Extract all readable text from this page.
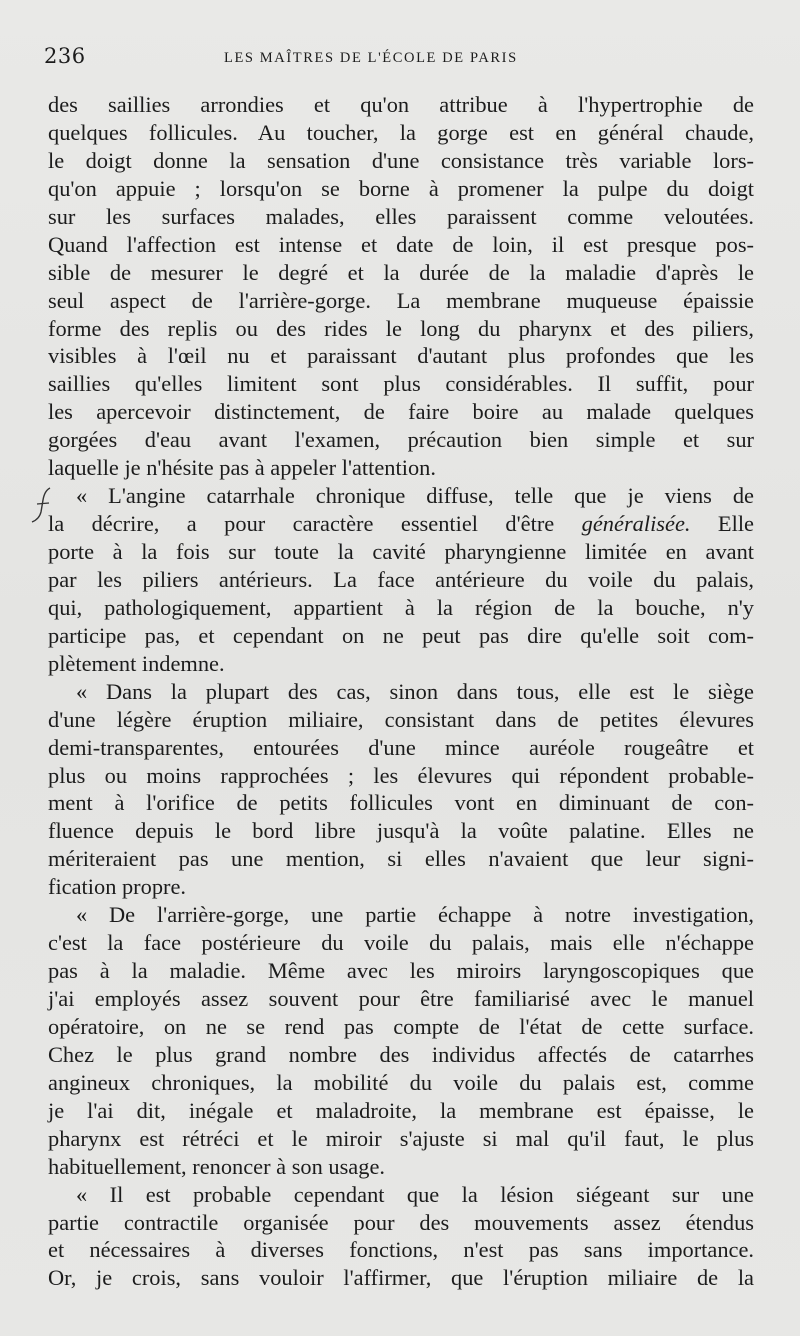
236	LES MAÎTRES DE L'ÉCOLE DE PARIS
des saillies arrondies et qu'on attribue à l'hypertrophie de
quelques follicules. Au toucher, la gorge est en général chaude,
le doigt donne la sensation d'une consistance très variable lors-
qu'on appuie ; lorsqu'on se borne à promener la pulpe du doigt
sur les surfaces malades, elles paraissent comme veloutées.
Quand l'affection est intense et date de loin, il est presque pos-
sible de mesurer le degré et la durée de la maladie d'après le
seul aspect de l'arrière-gorge. La membrane muqueuse épaissie
forme des replis ou des rides le long du pharynx et des piliers,
visibles à l'œil nu et paraissant d'autant plus profondes que les
saillies qu'elles limitent sont plus considérables. Il suffit, pour
les apercevoir distinctement, de faire boire au malade quelques
gorgées d'eau avant l'examen, précaution bien simple et sur
laquelle je n'hésite pas à appeler l'attention.
« L'angine catarrhale chronique diffuse, telle que je viens de
la décrire, a pour caractère essentiel d'être généralisée. Elle
porte à la fois sur toute la cavité pharyngienne limitée en avant
par les piliers antérieurs. La face antérieure du voile du palais,
qui, pathologiquement, appartient à la région de la bouche, n'y
participe pas, et cependant on ne peut pas dire qu'elle soit com-
plètement indemne.
« Dans la plupart des cas, sinon dans tous, elle est le siège
d'une légère éruption miliaire, consistant dans de petites élevures
demi-transparentes, entourées d'une mince auréole rougeâtre et
plus ou moins rapprochées ; les élevures qui répondent probable-
ment à l'orifice de petits follicules vont en diminuant de con-
fluence depuis le bord libre jusqu'à la voûte palatine. Elles ne
mériteraient pas une mention, si elles n'avaient que leur signi-
fication propre.
« De l'arrière-gorge, une partie échappe à notre investigation,
c'est la face postérieure du voile du palais, mais elle n'échappe
pas à la maladie. Même avec les miroirs laryngoscopiques que
j'ai employés assez souvent pour être familiarisé avec le manuel
opératoire, on ne se rend pas compte de l'état de cette surface.
Chez le plus grand nombre des individus affectés de catarrhes
angineux chroniques, la mobilité du voile du palais est, comme
je l'ai dit, inégale et maladroite, la membrane est épaisse, le
pharynx est rétréci et le miroir s'ajuste si mal qu'il faut, le plus
habituellement, renoncer à son usage.
« Il est probable cependant que la lésion siégeant sur une
partie contractile organisée pour des mouvements assez étendus
et nécessaires à diverses fonctions, n'est pas sans importance.
Or, je crois, sans vouloir l'affirmer, que l'éruption miliaire de la
